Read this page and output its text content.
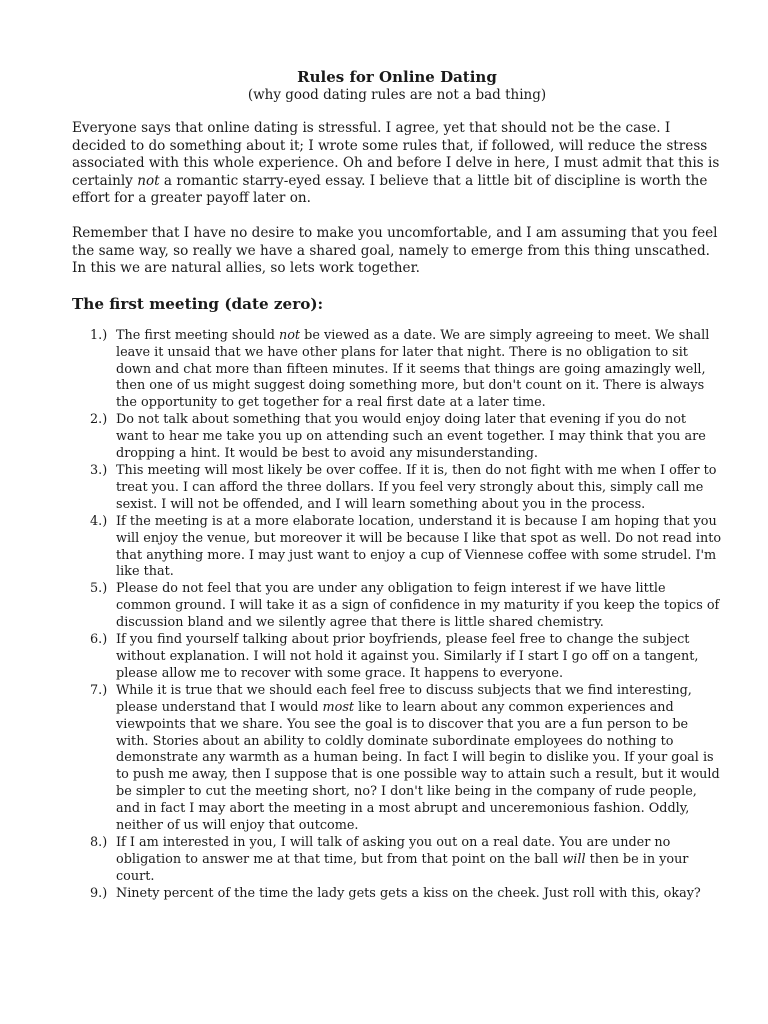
Rules for Online Dating

(why good dating rules are not a bad thing)

Everyone says that online dating is stressful. I agree, yet that should not be the case. I decided to do something about it; I wrote some rules that, if followed, will reduce the stress associated with this whole experience. Oh and before I delve in here, I must admit that this is certainly not a romantic starry-eyed essay. I believe that a little bit of discipline is worth the effort for a greater payoff later on.

Remember that I have no desire to make you uncomfortable, and I am assuming that you feel the same way, so really we have a shared goal, namely to emerge from this thing unscathed. In this we are natural allies, so lets work together.

The first meeting (date zero):
1.) The first meeting should not be viewed as a date. We are simply agreeing to meet. We shall leave it unsaid that we have other plans for later that night. There is no obligation to sit down and chat more than fifteen minutes. If it seems that things are going amazingly well, then one of us might suggest doing something more, but don't count on it. There is always the opportunity to get together for a real first date at a later time.
2.) Do not talk about something that you would enjoy doing later that evening if you do not want to hear me take you up on attending such an event together. I may think that you are dropping a hint. It would be best to avoid any misunderstanding.
3.) This meeting will most likely be over coffee. If it is, then do not fight with me when I offer to treat you. I can afford the three dollars. If you feel very strongly about this, simply call me sexist. I will not be offended, and I will learn something about you in the process.
4.) If the meeting is at a more elaborate location, understand it is because I am hoping that you will enjoy the venue, but moreover it will be because I like that spot as well. Do not read into that anything more. I may just want to enjoy a cup of Viennese coffee with some strudel. I'm like that.
5.) Please do not feel that you are under any obligation to feign interest if we have little common ground. I will take it as a sign of confidence in my maturity if you keep the topics of discussion bland and we silently agree that there is little shared chemistry.
6.) If you find yourself talking about prior boyfriends, please feel free to change the subject without explanation. I will not hold it against you. Similarly if I start I go off on a tangent, please allow me to recover with some grace. It happens to everyone.
7.) While it is true that we should each feel free to discuss subjects that we find interesting, please understand that I would most like to learn about any common experiences and viewpoints that we share. You see the goal is to discover that you are a fun person to be with. Stories about an ability to coldly dominate subordinate employees do nothing to demonstrate any warmth as a human being. In fact I will begin to dislike you. If your goal is to push me away, then I suppose that is one possible way to attain such a result, but it would be simpler to cut the meeting short, no? I don't like being in the company of rude people, and in fact I may abort the meeting in a most abrupt and unceremonious fashion. Oddly, neither of us will enjoy that outcome.
8.) If I am interested in you, I will talk of asking you out on a real date. You are under no obligation to answer me at that time, but from that point on the ball will then be in your court.
9.) Ninety percent of the time the lady gets gets a kiss on the cheek. Just roll with this, okay?
